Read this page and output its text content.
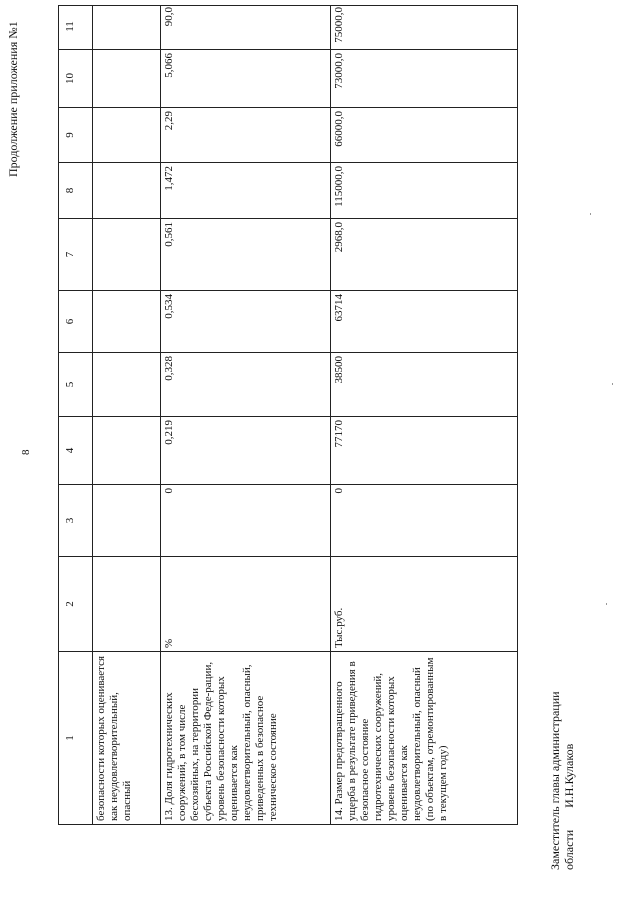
8
Продолжение приложения №1
1
2
3
4
5
6
7
8
9
10
11
безопасности которых оценивается как неудовлетворительный, опасный	13. Доля гидротехнических сооружений, в том числе бесхозяйных, на территории субъекта Российской Феде-рации, уровень безопасности которых оценивается как неудовлетворительный, опасный, приведенных в безопасное техническое состояние
%
0
0,219
0,328
0,534
0,561
1,472
2,29
5,066
90,0
14. Размер предотвращенного ущерба в результате приведения в безопасное состояние гидротехнических сооружений, уровень безопасности которых оценивается как неудовлетворительный, опасный (по объектам, отремонтированным в текущем году)
Тыс.руб.
0
77170
38500
63714
2968,0
115000,0
66000,0
73000,0
75000,0
Заместитель главы администрации областиИ.Н.Кулаков
